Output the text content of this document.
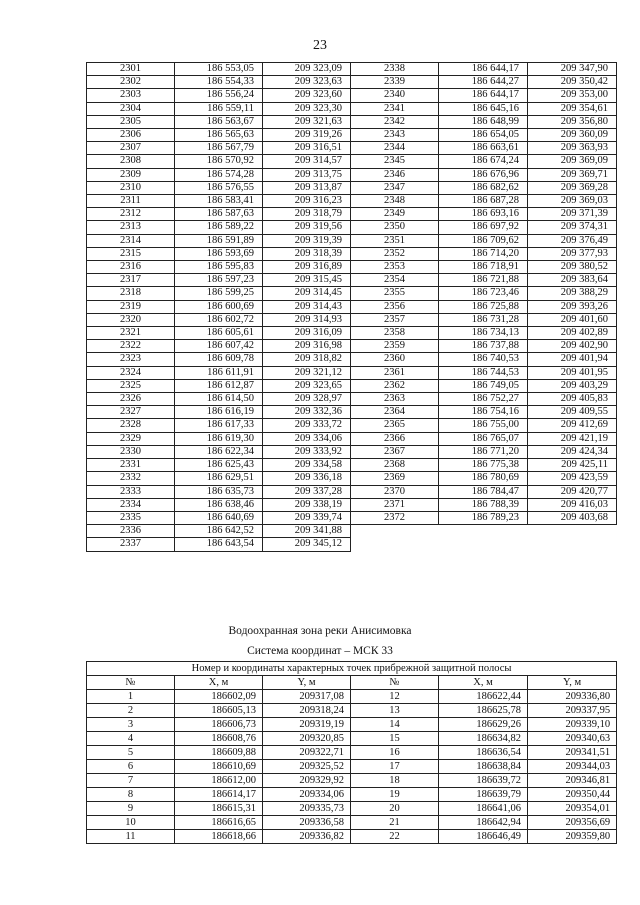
23
2301	186 553,05	209 323,09	2338	186 644,17	209 347,90
2302	186 554,33	209 323,63	2339	186 644,27	209 350,42
2303	186 556,24	209 323,60	2340	186 644,17	209 353,00
2304	186 559,11	209 323,30	2341	186 645,16	209 354,61
2305	186 563,67	209 321,63	2342	186 648,99	209 356,80
2306	186 565,63	209 319,26	2343	186 654,05	209 360,09
2307	186 567,79	209 316,51	2344	186 663,61	209 363,93
2308	186 570,92	209 314,57	2345	186 674,24	209 369,09
2309	186 574,28	209 313,75	2346	186 676,96	209 369,71
2310	186 576,55	209 313,87	2347	186 682,62	209 369,28
2311	186 583,41	209 316,23	2348	186 687,28	209 369,03
2312	186 587,63	209 318,79	2349	186 693,16	209 371,39
2313	186 589,22	209 319,56	2350	186 697,92	209 374,31
2314	186 591,89	209 319,39	2351	186 709,62	209 376,49
2315	186 593,69	209 318,39	2352	186 714,20	209 377,93
2316	186 595,83	209 316,89	2353	186 718,91	209 380,52
2317	186 597,23	209 315,45	2354	186 721,88	209 383,64
2318	186 599,25	209 314,45	2355	186 723,46	209 388,29
2319	186 600,69	209 314,43	2356	186 725,88	209 393,26
2320	186 602,72	209 314,93	2357	186 731,28	209 401,60
2321	186 605,61	209 316,09	2358	186 734,13	209 402,89
2322	186 607,42	209 316,98	2359	186 737,88	209 402,90
2323	186 609,78	209 318,82	2360	186 740,53	209 401,94
2324	186 611,91	209 321,12	2361	186 744,53	209 401,95
2325	186 612,87	209 323,65	2362	186 749,05	209 403,29
2326	186 614,50	209 328,97	2363	186 752,27	209 405,83
2327	186 616,19	209 332,36	2364	186 754,16	209 409,55
2328	186 617,33	209 333,72	2365	186 755,00	209 412,69
2329	186 619,30	209 334,06	2366	186 765,07	209 421,19
2330	186 622,34	209 333,92	2367	186 771,20	209 424,34
2331	186 625,43	209 334,58	2368	186 775,38	209 425,11
2332	186 629,51	209 336,18	2369	186 780,69	209 423,59
2333	186 635,73	209 337,28	2370	186 784,47	209 420,77
2334	186 638,46	209 338,19	2371	186 788,39	209 416,03
2335	186 640,69	209 339,74	2372	186 789,23	209 403,68
2336	186 642,52	209 341,88			
2337	186 643,54	209 345,12			
Водоохранная зона реки Анисимовка
Система координат – МСК 33
Номер и координаты характерных точек прибрежной защитной полосы					
№	X, м	Y, м	№	X, м	Y, м
1	186602,09	209317,08	12	186622,44	209336,80
2	186605,13	209318,24	13	186625,78	209337,95
3	186606,73	209319,19	14	186629,26	209339,10
4	186608,76	209320,85	15	186634,82	209340,63
5	186609,88	209322,71	16	186636,54	209341,51
6	186610,69	209325,52	17	186638,84	209344,03
7	186612,00	209329,92	18	186639,72	209346,81
8	186614,17	209334,06	19	186639,79	209350,44
9	186615,31	209335,73	20	186641,06	209354,01
10	186616,65	209336,58	21	186642,94	209356,69
11	186618,66	209336,82	22	186646,49	209359,80
